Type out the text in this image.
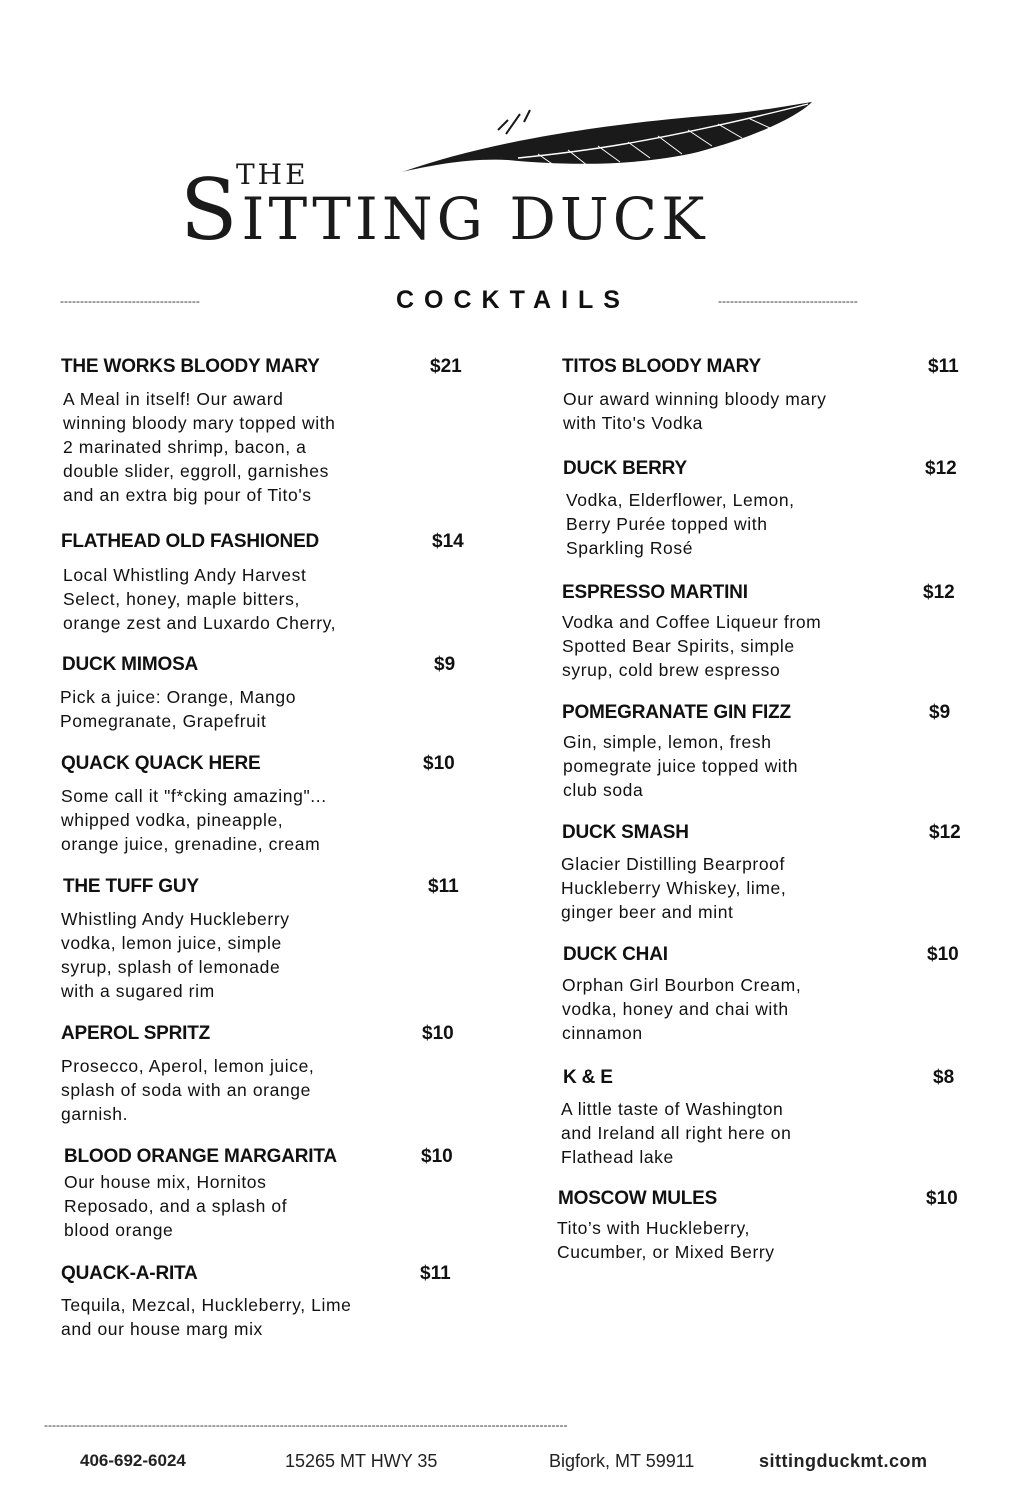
THE
SITTING DUCK
-----------------------------------	COCKTAILS	-----------------------------------
THE WORKS BLOODY MARY	$21
A Meal in itself! Our award
winning bloody mary topped with
2 marinated shrimp, bacon, a
double slider, eggroll, garnishes
and an extra big pour of Tito's
FLATHEAD OLD FASHIONED	$14
Local Whistling Andy Harvest
Select, honey, maple bitters,
orange zest and Luxardo Cherry,
DUCK MIMOSA	$9
Pick a juice: Orange, Mango
Pomegranate, Grapefruit
QUACK QUACK HERE	$10
Some call it "f*cking amazing"...
whipped vodka, pineapple,
orange juice, grenadine, cream
THE TUFF GUY	$11
Whistling Andy Huckleberry
vodka, lemon juice, simple
syrup, splash of lemonade
with a sugared rim
APEROL SPRITZ	$10
Prosecco, Aperol, lemon juice,
splash of soda with an orange
garnish.
BLOOD ORANGE MARGARITA	$10
Our house mix, Hornitos
Reposado, and a splash of
blood orange
QUACK-A-RITA	$11
Tequila, Mezcal, Huckleberry, Lime
and our house marg mix
TITOS BLOODY MARY	$11
Our award winning bloody mary
with Tito's Vodka
DUCK BERRY	$12
Vodka, Elderflower, Lemon,
Berry Purée topped with
Sparkling Rosé
ESPRESSO MARTINI	$12
Vodka and Coffee Liqueur from
Spotted Bear Spirits, simple
syrup, cold brew espresso
POMEGRANATE GIN FIZZ	$9
Gin, simple, lemon, fresh
pomegrate juice topped with
club soda
DUCK SMASH	$12
Glacier Distilling Bearproof
Huckleberry Whiskey, lime,
ginger beer and mint
DUCK CHAI	$10
Orphan Girl Bourbon Cream,
vodka, honey and chai with
cinnamon
K & E	$8
A little taste of Washington
and Ireland all right here on
Flathead lake
MOSCOW MULES	$10
Tito’s with Huckleberry,
Cucumber, or Mixed Berry
-----------------------------------------------------------------------------------------------------------------------------------
406-692-6024	15265 MT HWY 35	Bigfork, MT 59911	sittingduckmt.com
